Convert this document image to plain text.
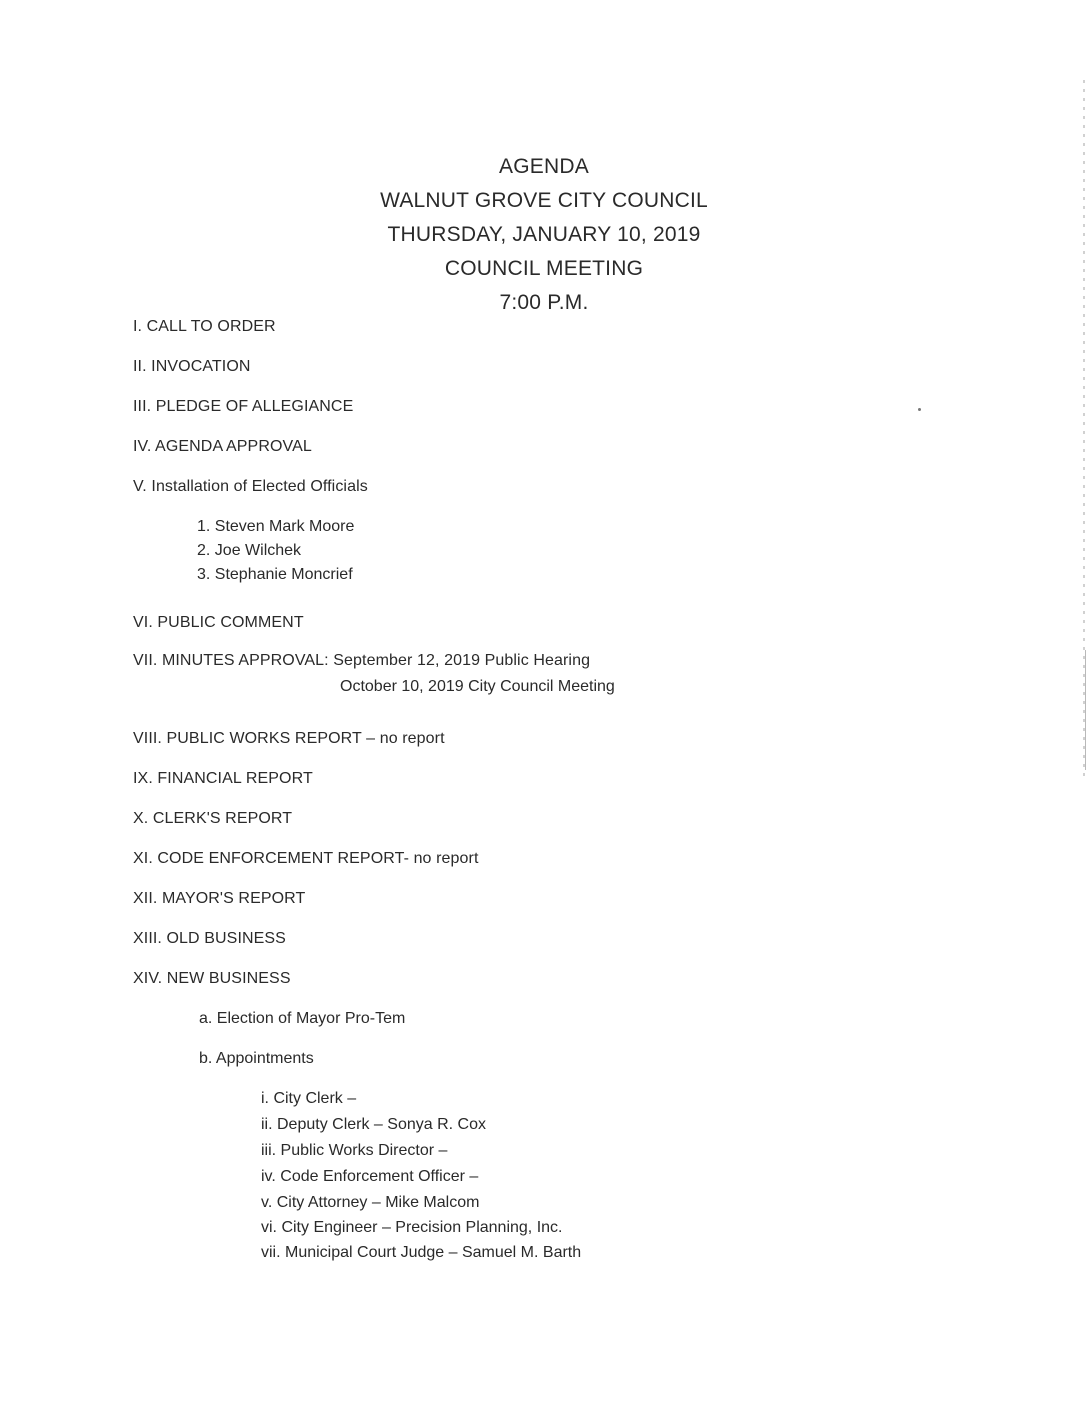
AGENDA
WALNUT GROVE CITY COUNCIL
THURSDAY, JANUARY 10, 2019
COUNCIL MEETING
7:00 P.M.
I. CALL TO ORDER
II. INVOCATION
III. PLEDGE OF ALLEGIANCE
IV. AGENDA APPROVAL
V. Installation of Elected Officials
1. Steven Mark Moore
2. Joe Wilchek
3. Stephanie Moncrief
VI. PUBLIC COMMENT
VII. MINUTES APPROVAL: September 12, 2019 Public Hearing
October 10, 2019 City Council Meeting
VIII. PUBLIC WORKS REPORT – no report
IX. FINANCIAL REPORT
X. CLERK'S REPORT
XI. CODE ENFORCEMENT REPORT- no report
XII. MAYOR'S REPORT
XIII. OLD BUSINESS
XIV. NEW BUSINESS
a. Election of Mayor Pro-Tem
b. Appointments
i. City Clerk –
ii. Deputy Clerk – Sonya R. Cox
iii. Public Works Director –
iv. Code Enforcement Officer –
v. City Attorney – Mike Malcom
vi. City Engineer – Precision Planning, Inc.
vii. Municipal Court Judge – Samuel M. Barth
